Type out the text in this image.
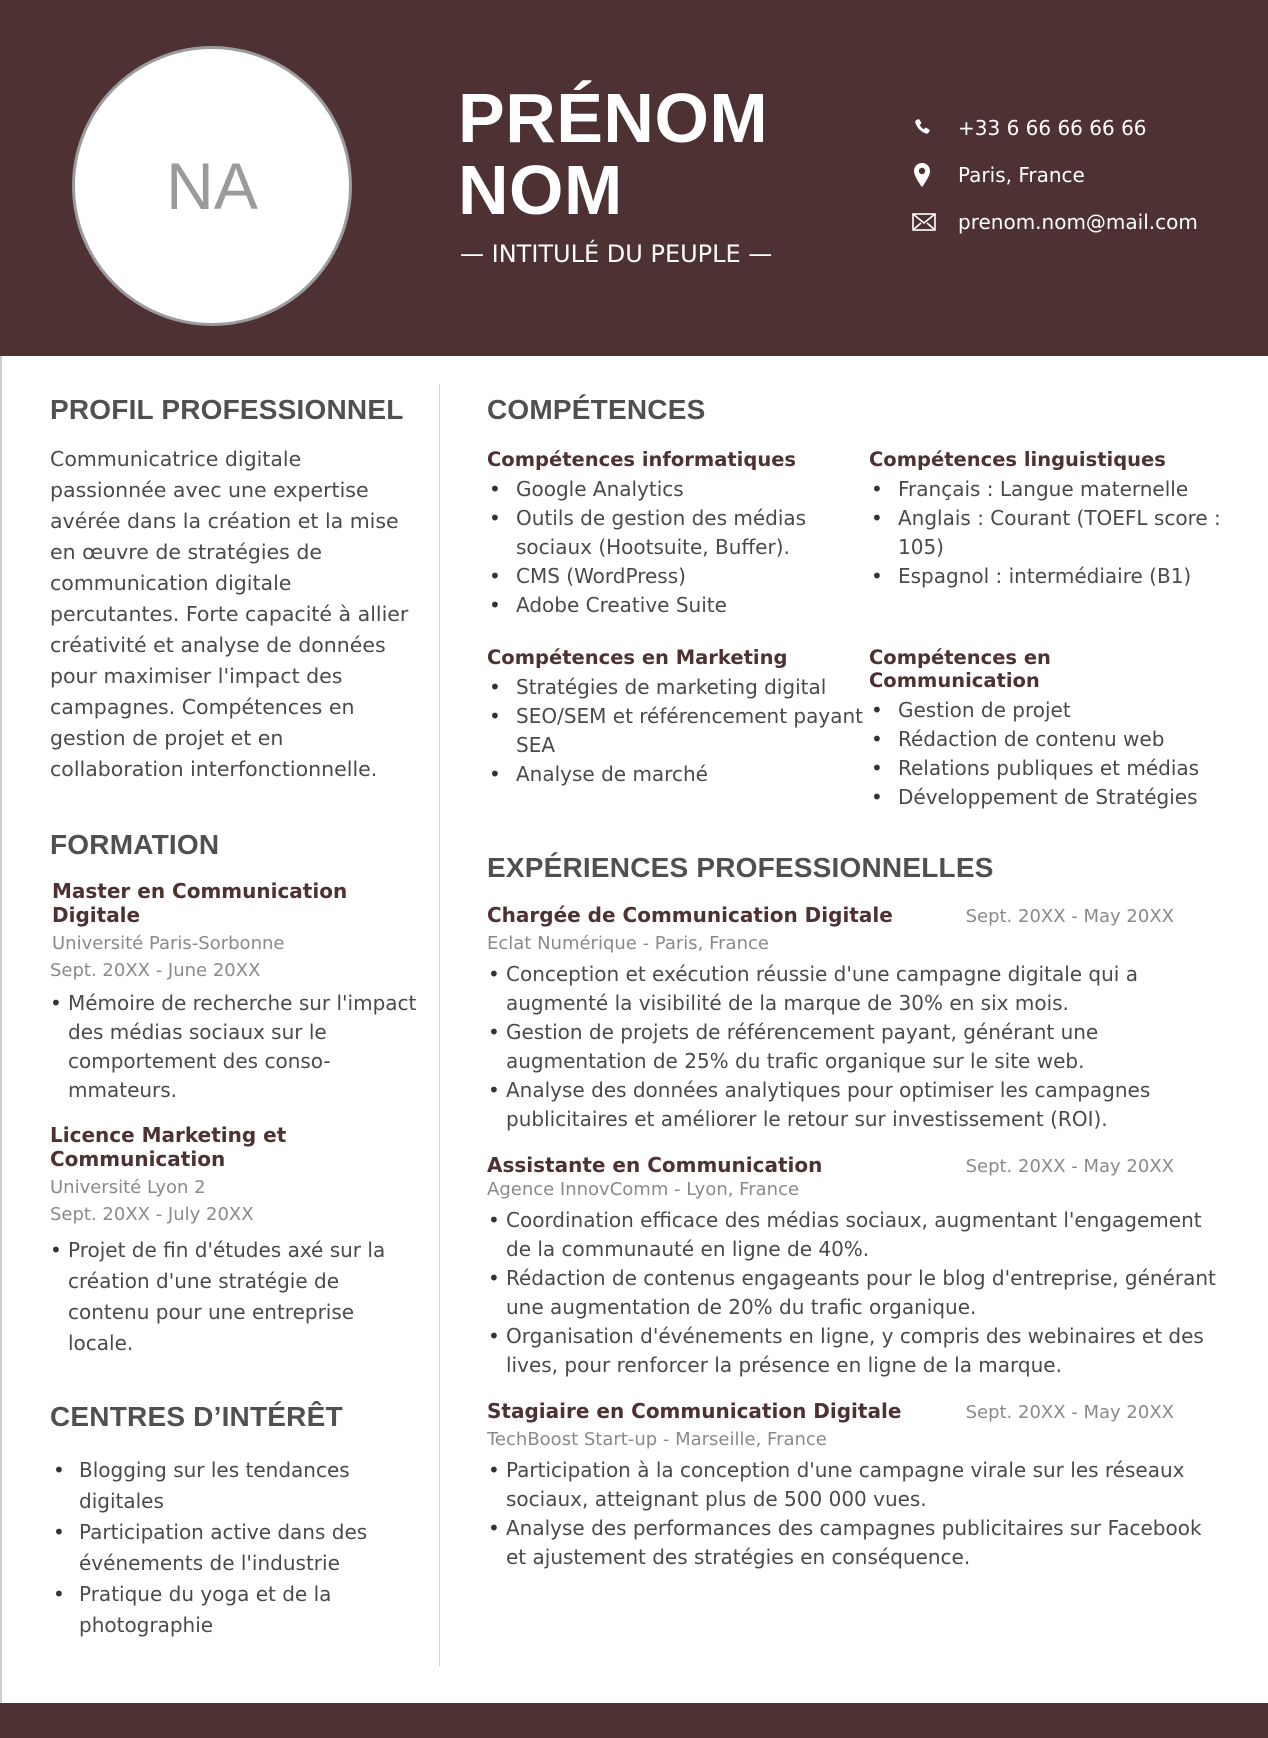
NA
PRÉNOM
NOM
— INTITULÉ DU PEUPLE —
+33 6 66 66 66 66
Paris, France
prenom.nom@mail.com
PROFIL PROFESSIONNEL
Communicatrice digitale passionnée avec une expertise avérée dans la création et la mise en œuvre de stratégies de communication digitale percutantes. Forte capacité à allier créativité et analyse de données pour maximiser l'impact des campagnes. Compétences en gestion de projet et en collaboration interfonctionnelle.
FORMATION
Master en Communication Digitale
Université Paris-Sorbonne
Sept. 20XX - June 20XX
• Mémoire de recherche sur l'impact des médias sociaux sur le comportement des conso-mmateurs.
Licence Marketing et Communication
Université Lyon 2
Sept. 20XX - July 20XX
• Projet de fin d'études axé sur la création d'une stratégie de contenu pour une entreprise locale.
CENTRES D’INTÉRÊT
• Blogging sur les tendances digitales
• Participation active dans des événements de l'industrie
• Pratique du yoga et de la photographie
COMPÉTENCES
Compétences informatiques
• Google Analytics
• Outils de gestion des médias sociaux (Hootsuite, Buffer).
• CMS (WordPress)
• Adobe Creative Suite
Compétences linguistiques
• Français : Langue maternelle
• Anglais : Courant (TOEFL score : 105)
• Espagnol : intermédiaire (B1)
Compétences en Marketing
• Stratégies de marketing digital
• SEO/SEM et référencement payant SEA
• Analyse de marché
Compétences en Communication
• Gestion de projet
• Rédaction de contenu web
• Relations publiques et médias
• Développement de Stratégies
EXPÉRIENCES PROFESSIONNELLES
Chargée de Communication Digitale	Sept. 20XX - May 20XX
Eclat Numérique - Paris, France
• Conception et exécution réussie d'une campagne digitale qui a augmenté la visibilité de la marque de 30% en six mois.
• Gestion de projets de référencement payant, générant une augmentation de 25% du trafic organique sur le site web.
• Analyse des données analytiques pour optimiser les campagnes publicitaires et améliorer le retour sur investissement (ROI).
Assistante en Communication	Sept. 20XX - May 20XX
Agence InnovComm - Lyon, France
• Coordination efficace des médias sociaux, augmentant l'engagement de la communauté en ligne de 40%.
• Rédaction de contenus engageants pour le blog d'entreprise, générant une augmentation de 20% du trafic organique.
• Organisation d'événements en ligne, y compris des webinaires et des lives, pour renforcer la présence en ligne de la marque.
Stagiaire en Communication Digitale	Sept. 20XX - May 20XX
TechBoost Start-up - Marseille, France
• Participation à la conception d'une campagne virale sur les réseaux sociaux, atteignant plus de 500 000 vues.
• Analyse des performances des campagnes publicitaires sur Facebook et ajustement des stratégies en conséquence.
